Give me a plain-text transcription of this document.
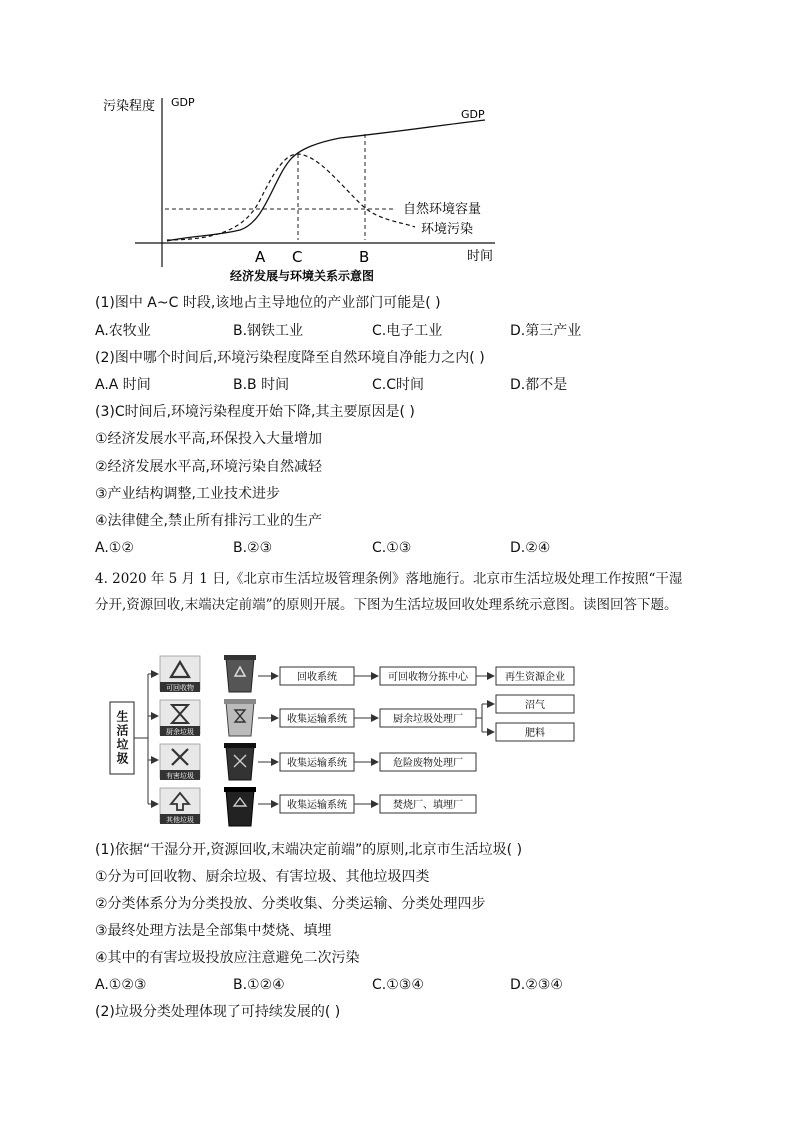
污染程度 GDP
GDP
自然环境容量
环境污染
A C	B	时间
经济发展与环境关系示意图
(1)图中 A~C 时段,该地占主导地位的产业部门可能是( )
A.农牧业	B.钢铁工业	C.电子工业	D.第三产业
(2)图中哪个时间后,环境污染程度降至自然环境自净能力之内( )
A.A 时间	B.B 时间	C.C时间	D.都不是
(3)C时间后,环境污染程度开始下降,其主要原因是( )
①经济发展水平高,环保投入大量增加
②经济发展水平高,环境污染自然减轻
③产业结构调整,工业技术进步
④法律健全,禁止所有排污工业的生产
A.①②	B.②③	C.①③	D.②④
4. 2020 年 5 月 1 日,《北京市生活垃圾管理条例》落地施行。北京市生活垃圾处理工作按照“干湿分开,资源回收,末端决定前端”的原则开展。下图为生活垃圾回收处理系统示意图。读图回答下题。
生活垃圾
可回收物
厨余垃圾
有害垃圾
其他垃圾
回收系统
收集运输系统
收集运输系统
收集运输系统
可回收物分拣中心
厨余垃圾处理厂
危险废物处理厂
焚烧厂、填埋厂
再生资源企业
沼气
肥料
(1)依据“干湿分开,资源回收,末端决定前端”的原则,北京市生活垃圾( )
①分为可回收物、厨余垃圾、有害垃圾、其他垃圾四类
②分类体系分为分类投放、分类收集、分类运输、分类处理四步
③最终处理方法是全部集中焚烧、填埋
④其中的有害垃圾投放应注意避免二次污染
A.①②③	B.①②④	C.①③④	D.②③④
(2)垃圾分类处理体现了可持续发展的( )
